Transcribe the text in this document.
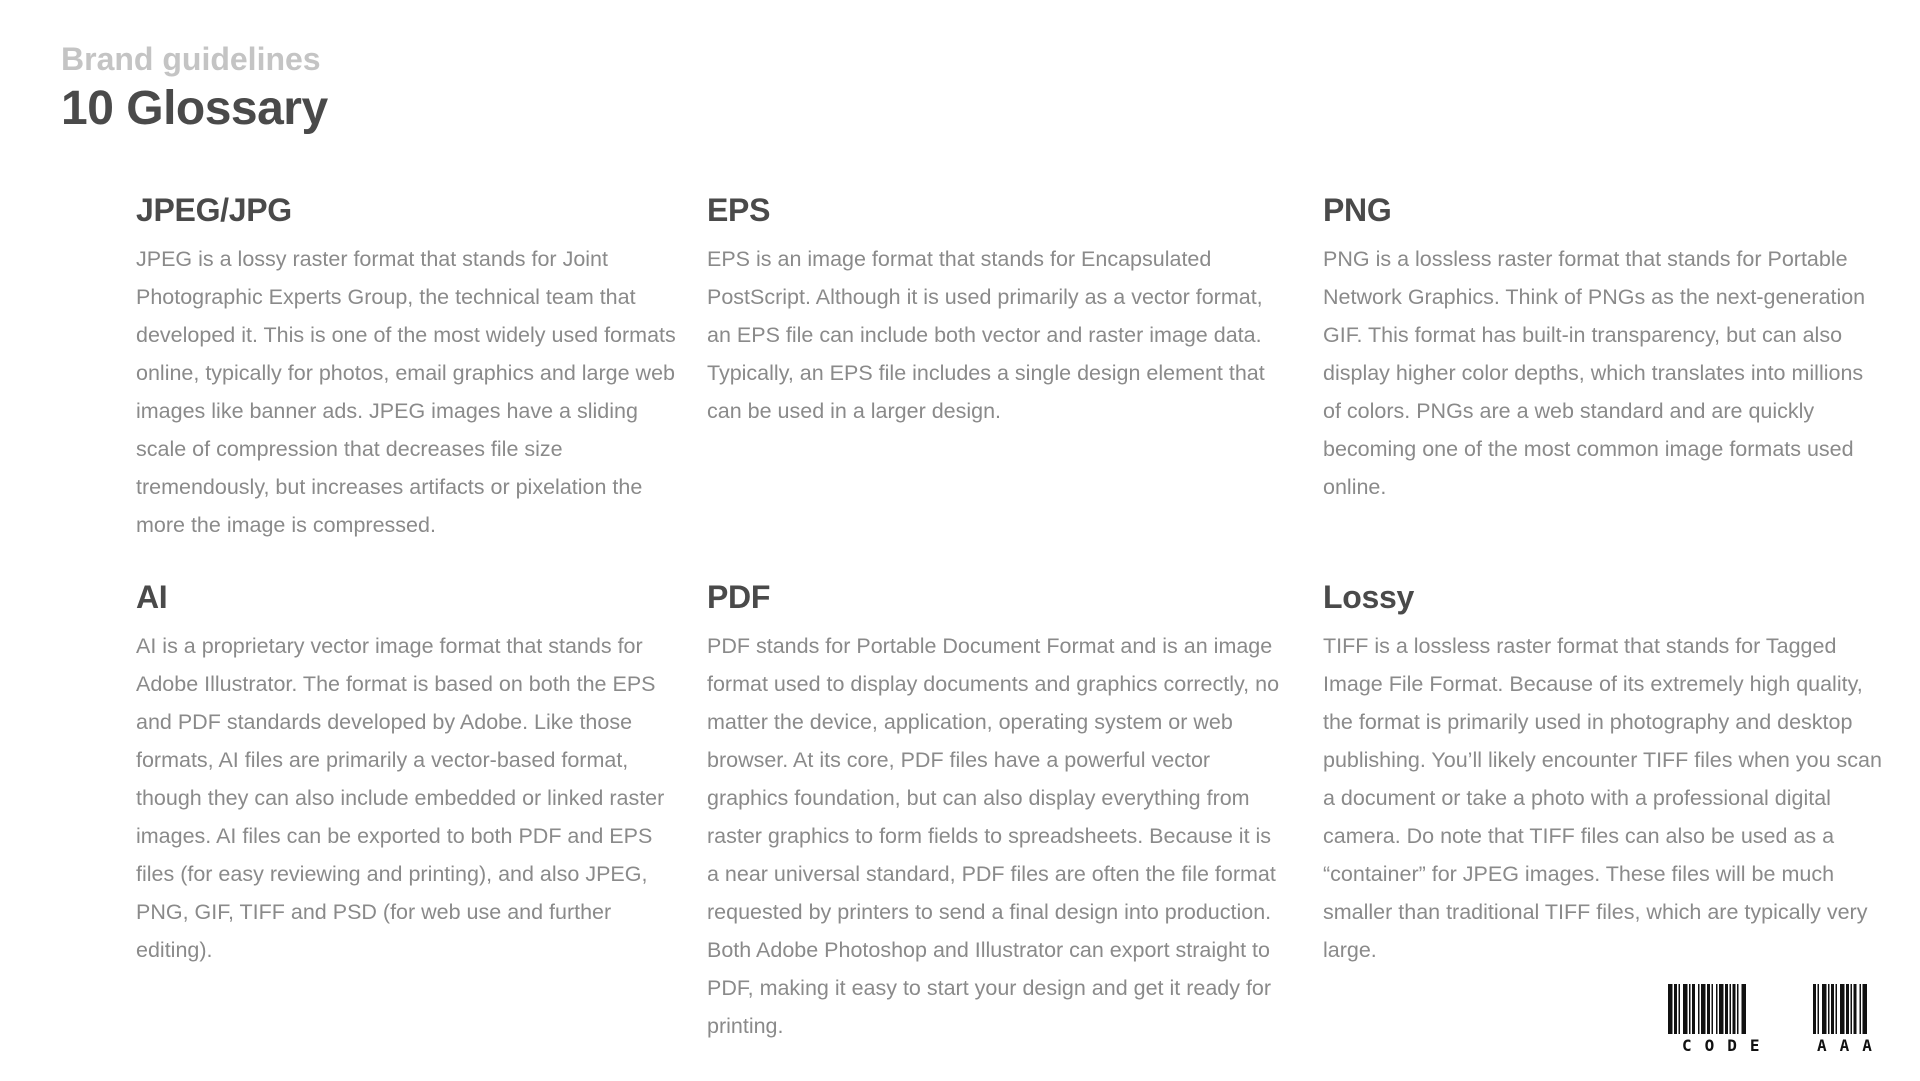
Brand guidelines

10 Glossary
JPEG/JPG

JPEG is a lossy raster format that stands for Joint Photographic Experts Group, the technical team that developed it. This is one of the most widely used formats online, typically for photos, email graphics and large web images like banner ads. JPEG images have a sliding scale of compression that decreases file size tremendously, but increases artifacts or pixelation the more the image is compressed.

EPS

EPS is an image format that stands for Encapsulated PostScript. Although it is used primarily as a vector format, an EPS file can include both vector and raster image data. Typically, an EPS file includes a single design element that can be used in a larger design.

PNG

PNG is a lossless raster format that stands for Portable Network Graphics. Think of PNGs as the next-generation GIF. This format has built-in transparency, but can also display higher color depths, which translates into millions of colors. PNGs are a web standard and are quickly becoming one of the most common image formats used online.

AI

AI is a proprietary vector image format that stands for Adobe Illustrator. The format is based on both the EPS and PDF standards developed by Adobe. Like those formats, AI files are primarily a vector-based format, though they can also include embedded or linked raster images. AI files can be exported to both PDF and EPS files (for easy reviewing and printing), and also JPEG, PNG, GIF, TIFF and PSD (for web use and further editing).

PDF

PDF stands for Portable Document Format and is an image format used to display documents and graphics correctly, no matter the device, application, operating system or web browser. At its core, PDF files have a powerful vector graphics foundation, but can also display everything from raster graphics to form fields to spreadsheets. Because it is a near universal standard, PDF files are often the file format requested by printers to send a final design into production. Both Adobe Photoshop and Illustrator can export straight to PDF, making it easy to start your design and get it ready for printing.

Lossy

TIFF is a lossless raster format that stands for Tagged Image File Format. Because of its extremely high quality, the format is primarily used in photography and desktop publishing. You’ll likely encounter TIFF files when you scan a document or take a photo with a professional digital camera. Do note that TIFF files can also be used as a “container” for JPEG images. These files will be much smaller than traditional TIFF files, which are typically very large.

CODE	AAA
